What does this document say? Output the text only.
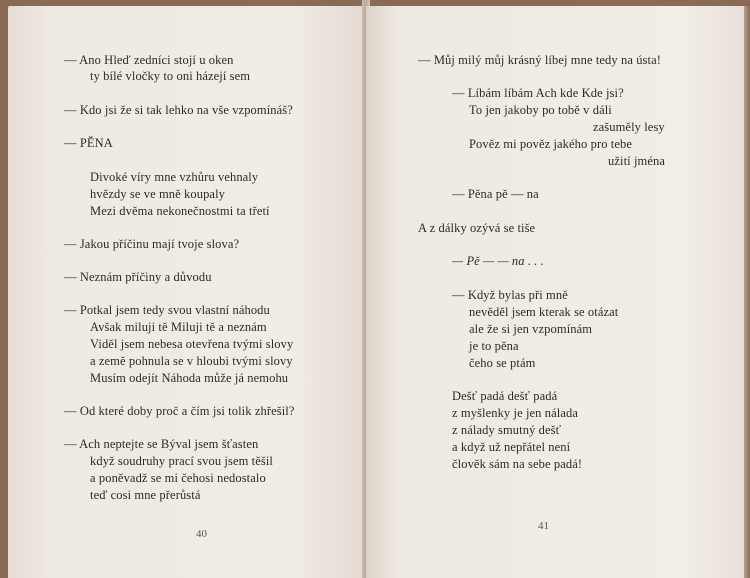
— Ano Hleď zedníci stojí u oken
ty bílé vločky to oni házejí sem
— Kdo jsi že si tak lehko na vše vzpomínáš?
— PĚNA
Divoké víry mne vzhůru vehnaly
hvězdy se ve mně koupaly
Mezi dvěma nekonečnostmi ta třetí
— Jakou příčinu mají tvoje slova?
— Neznám příčiny a důvodu
— Potkal jsem tedy svou vlastní náhodu
Avšak miluji tě Miluji tě a neznám
Viděl jsem nebesa otevřena tvými slovy
a země pohnula se v hloubi tvými slovy
Musím odejít Náhoda může já nemohu
— Od které doby proč a čím jsi tolik zhřešil?
— Ach neptejte se Býval jsem šťasten
když soudruhy prací svou jsem těšil
a poněvadž se mi čehosi nedostalo
teď cosi mne přerůstá
40
— Můj milý můj krásný líbej mne tedy na ústa!
— Líbám líbám Ach kde Kde jsi?
To jen jakoby po tobě v dáli
zašuměly lesy
Pověz mi pověz jakého pro tebe
užití jména
— Pěna pě — na
A z dálky ozývá se tiše
— Pě — — na . . .
— Když bylas při mně
nevěděl jsem kterak se otázat
ale že si jen vzpomínám
je to pěna
čeho se ptám
Dešť padá dešť padá
z myšlenky je jen nálada
z nálady smutný dešť
a když už nepřátel není
člověk sám na sebe padá!
41
